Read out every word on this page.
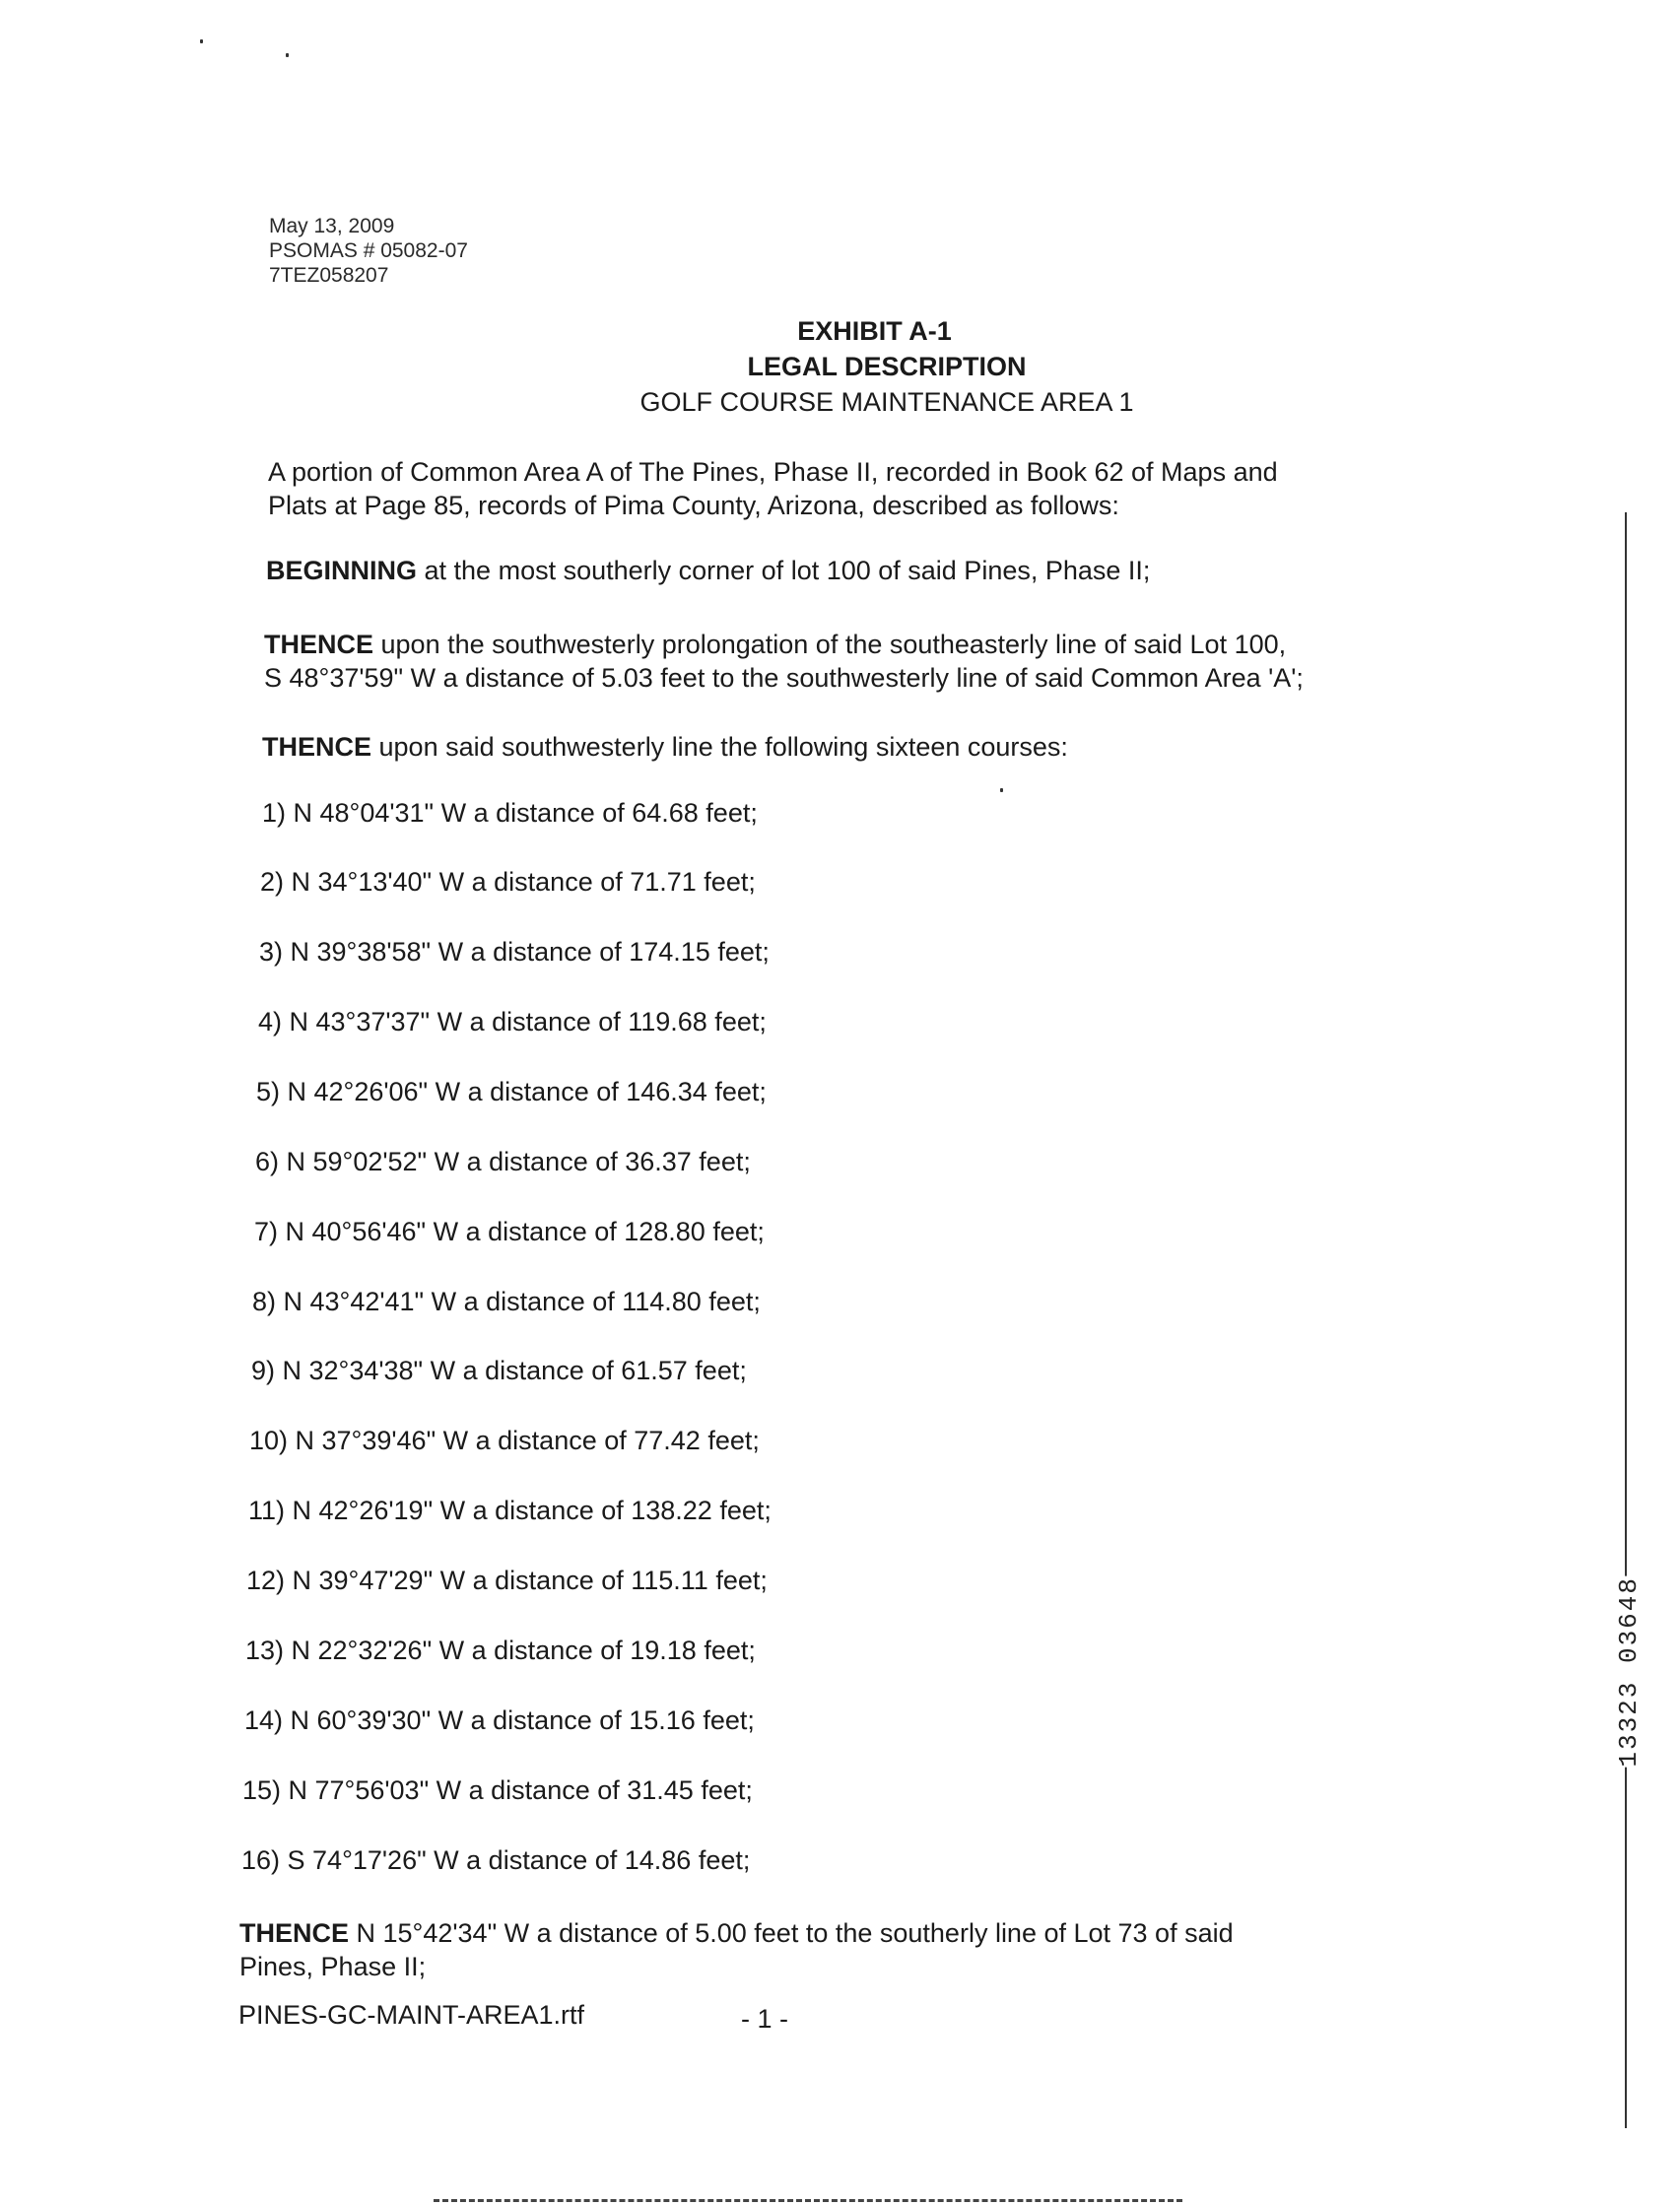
May 13, 2009
PSOMAS # 05082-07
7TEZ058207
EXHIBIT A-1
LEGAL DESCRIPTION
GOLF COURSE MAINTENANCE AREA 1
A portion of Common Area A of The Pines, Phase II, recorded in Book 62 of Maps and
Plats at Page 85, records of Pima County, Arizona, described as follows:
BEGINNING at the most southerly corner of lot 100 of said Pines, Phase II;
THENCE upon the southwesterly prolongation of the southeasterly line of said Lot 100,
S 48°37'59" W a distance of 5.03 feet to the southwesterly line of said Common Area 'A';
THENCE upon said southwesterly line the following sixteen courses:
1) N 48°04'31" W a distance of 64.68 feet;
2) N 34°13'40" W a distance of 71.71 feet;
3) N 39°38'58" W a distance of 174.15 feet;
4) N 43°37'37" W a distance of 119.68 feet;
5) N 42°26'06" W a distance of 146.34 feet;
6) N 59°02'52" W a distance of 36.37 feet;
7) N 40°56'46" W a distance of 128.80 feet;
8) N 43°42'41" W a distance of 114.80 feet;
9) N 32°34'38" W a distance of 61.57 feet;
10) N 37°39'46" W a distance of 77.42 feet;
11) N 42°26'19" W a distance of 138.22 feet;
12) N 39°47'29" W a distance of 115.11 feet;
13) N 22°32'26" W a distance of 19.18 feet;
14) N 60°39'30" W a distance of 15.16 feet;
15) N 77°56'03" W a distance of 31.45 feet;
16) S 74°17'26" W a distance of 14.86 feet;
THENCE N 15°42'34" W a distance of 5.00 feet to the southerly line of Lot 73 of said
Pines, Phase II;
PINES-GC-MAINT-AREA1.rtf	- 1 -
13323 03648
